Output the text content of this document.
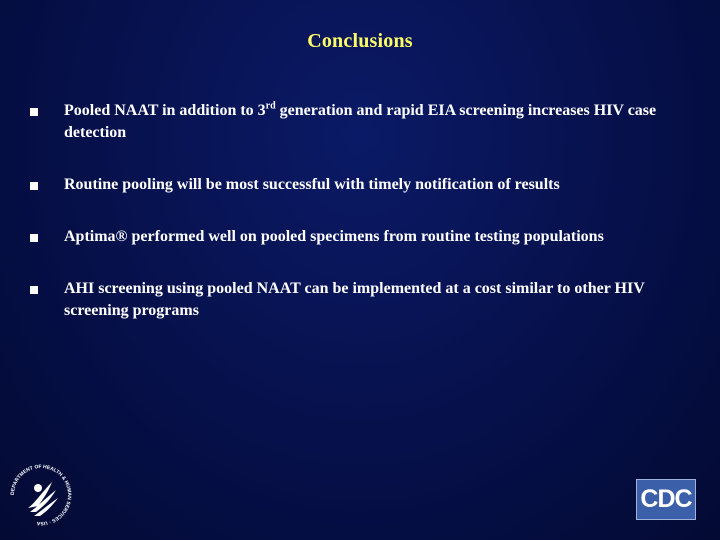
Conclusions
Pooled NAAT in addition to 3rd generation and rapid EIA screening increases HIV case detection
Routine pooling will be most successful with timely notification of results
Aptima® performed well on pooled specimens from routine testing populations
AHI screening using pooled NAAT can be implemented at a cost similar to other HIV screening programs
DEPARTMENT OF HEALTH & HUMAN SERVICES · USA
CDC
